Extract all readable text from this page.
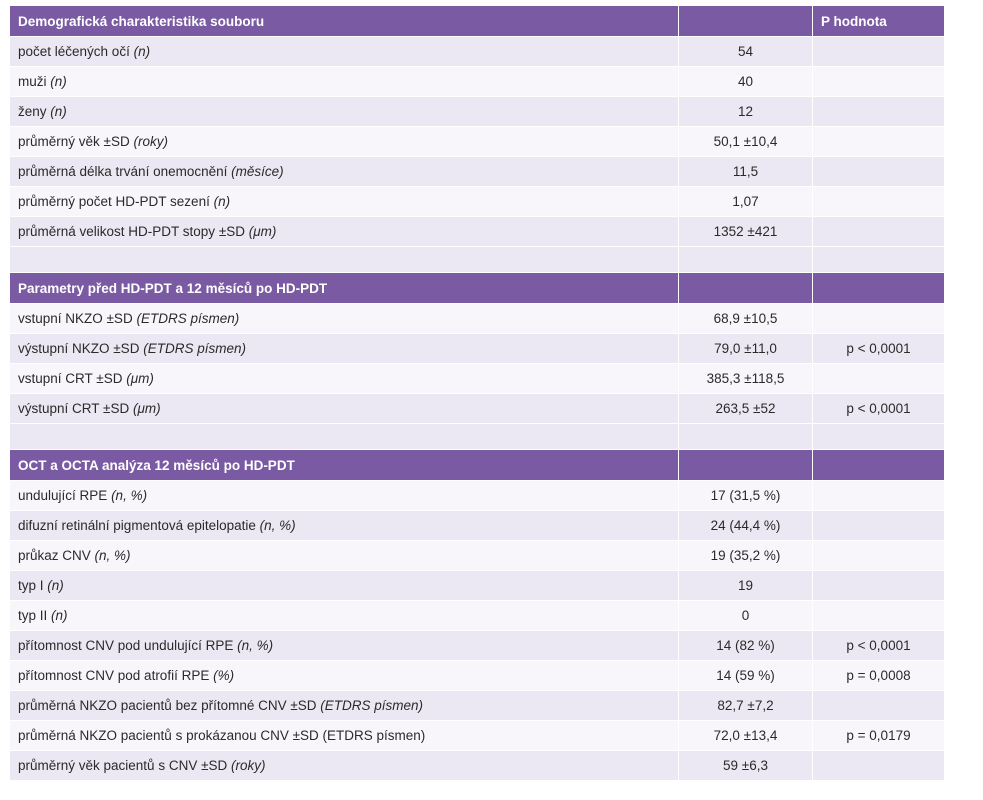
Demografická charakteristika souboru		P hodnota
počet léčených očí (n)	54	
muži (n)	40	
ženy (n)	12	
průměrný věk ±SD (roky)	50,1 ±10,4	
průměrná délka trvání onemocnění (měsíce)	11,5	
průměrný počet HD-PDT sezení (n)	1,07	
průměrná velikost HD-PDT stopy ±SD (μm)	1352 ±421	

Parametry před HD-PDT a 12 měsíců po HD-PDT		
vstupní NKZO ±SD (ETDRS písmen)	68,9 ±10,5	
výstupní NKZO ±SD (ETDRS písmen)	79,0 ±11,0	p < 0,0001
vstupní CRT ±SD (μm)	385,3 ±118,5	
výstupní CRT ±SD (μm)	263,5 ±52	p < 0,0001

OCT a OCTA analýza 12 měsíců po HD-PDT		
undulující RPE (n, %)	17 (31,5 %)	
difuzní retinální pigmentová epitelopatie (n, %)	24 (44,4 %)	
průkaz CNV (n, %)	19 (35,2 %)	
typ I (n)	19	
typ II (n)	0	
přítomnost CNV pod undulující RPE (n, %)	14 (82 %)	p < 0,0001
přítomnost CNV pod atrofií RPE (%)	14 (59 %)	p = 0,0008
průměrná NKZO pacientů bez přítomné CNV ±SD (ETDRS písmen)	82,7 ±7,2	
průměrná NKZO pacientů s prokázanou CNV ±SD (ETDRS písmen)	72,0 ±13,4	p = 0,0179
průměrný věk pacientů s CNV ±SD (roky)	59 ±6,3	
